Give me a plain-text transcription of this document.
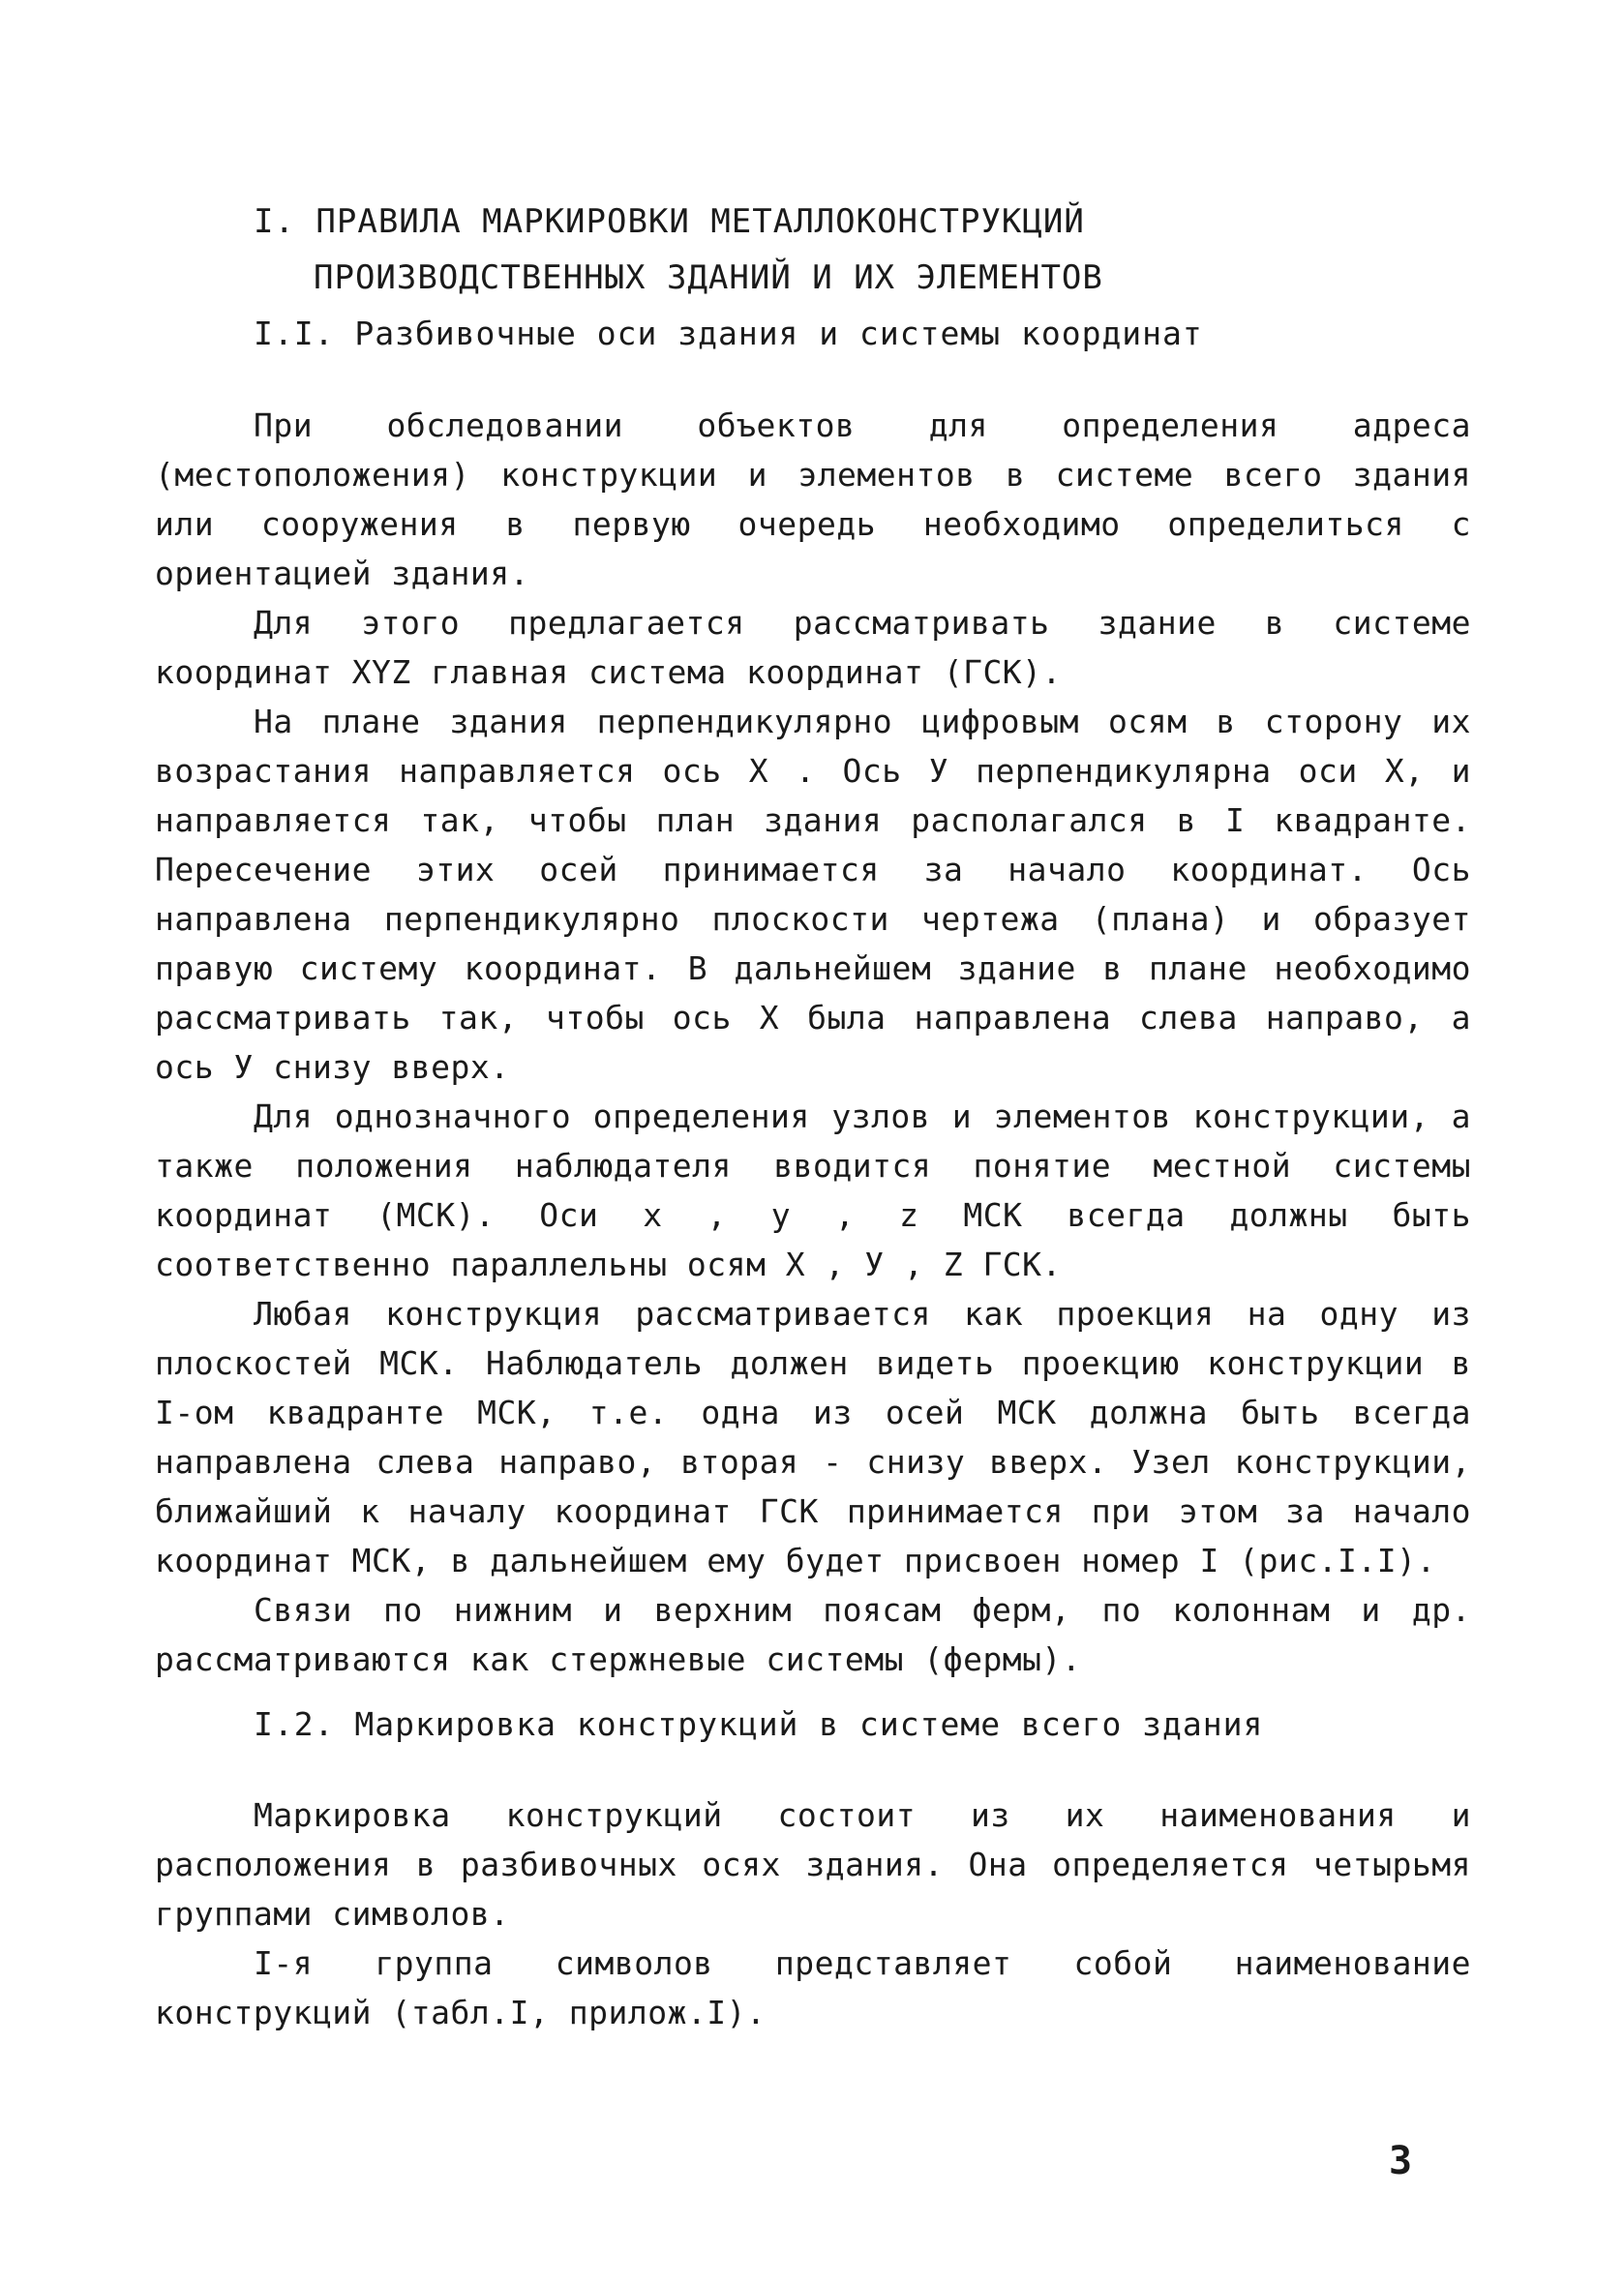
I. ПРАВИЛА МАРКИРОВКИ МЕТАЛЛОКОНСТРУКЦИЙ
ПРОИЗВОДСТВЕННЫХ ЗДАНИЙ И ИХ ЭЛЕМЕНТОВ
I.I. Разбивочные оси здания и системы координат

При обследовании объектов для определения адреса (местоположения) конструкции и элементов в системе всего здания или сооружения в первую очередь необходимо определиться с ориентацией здания.

Для этого предлагается рассматривать здание в системе координат XYZ главная система координат (ГСК).

На плане здания перпендикулярно цифровым осям в сторону их возрастания направляется ось X . Ось У перпендикулярна оси X, и направляется так, чтобы план здания располагался в I квадранте. Пересечение этих осей принимается за начало координат. Ось направлена перпендикулярно плоскости чертежа (плана) и образует правую систему координат. В дальнейшем здание в плане необходимо рассматривать так, чтобы ось X была направлена слева направо, а ось У снизу вверх.

Для однозначного определения узлов и элементов конструкции, а также положения наблюдателя вводится понятие местной системы координат (МСК). Оси x , y , z МСК всегда должны быть соответственно параллельны осям X , У , Z ГСК.

Любая конструкция рассматривается как проекция на одну из плоскостей МСК. Наблюдатель должен видеть проекцию конструкции в I-ом квадранте МСК, т.е. одна из осей МСК должна быть всегда направлена слева направо, вторая - снизу вверх. Узел конструкции, ближайший к началу координат ГСК принимается при этом за начало координат МСК, в дальнейшем ему будет присвоен номер I (рис.I.I).

Связи по нижним и верхним поясам ферм, по колоннам и др. рассматриваются как стержневые системы (фермы).

I.2. Маркировка конструкций в системе всего здания

Маркировка конструкций состоит из их наименования и расположения в разбивочных осях здания. Она определяется четырьмя группами символов.

I-я группа символов представляет собой наименование конструкций (табл.I, прилож.I).

3
